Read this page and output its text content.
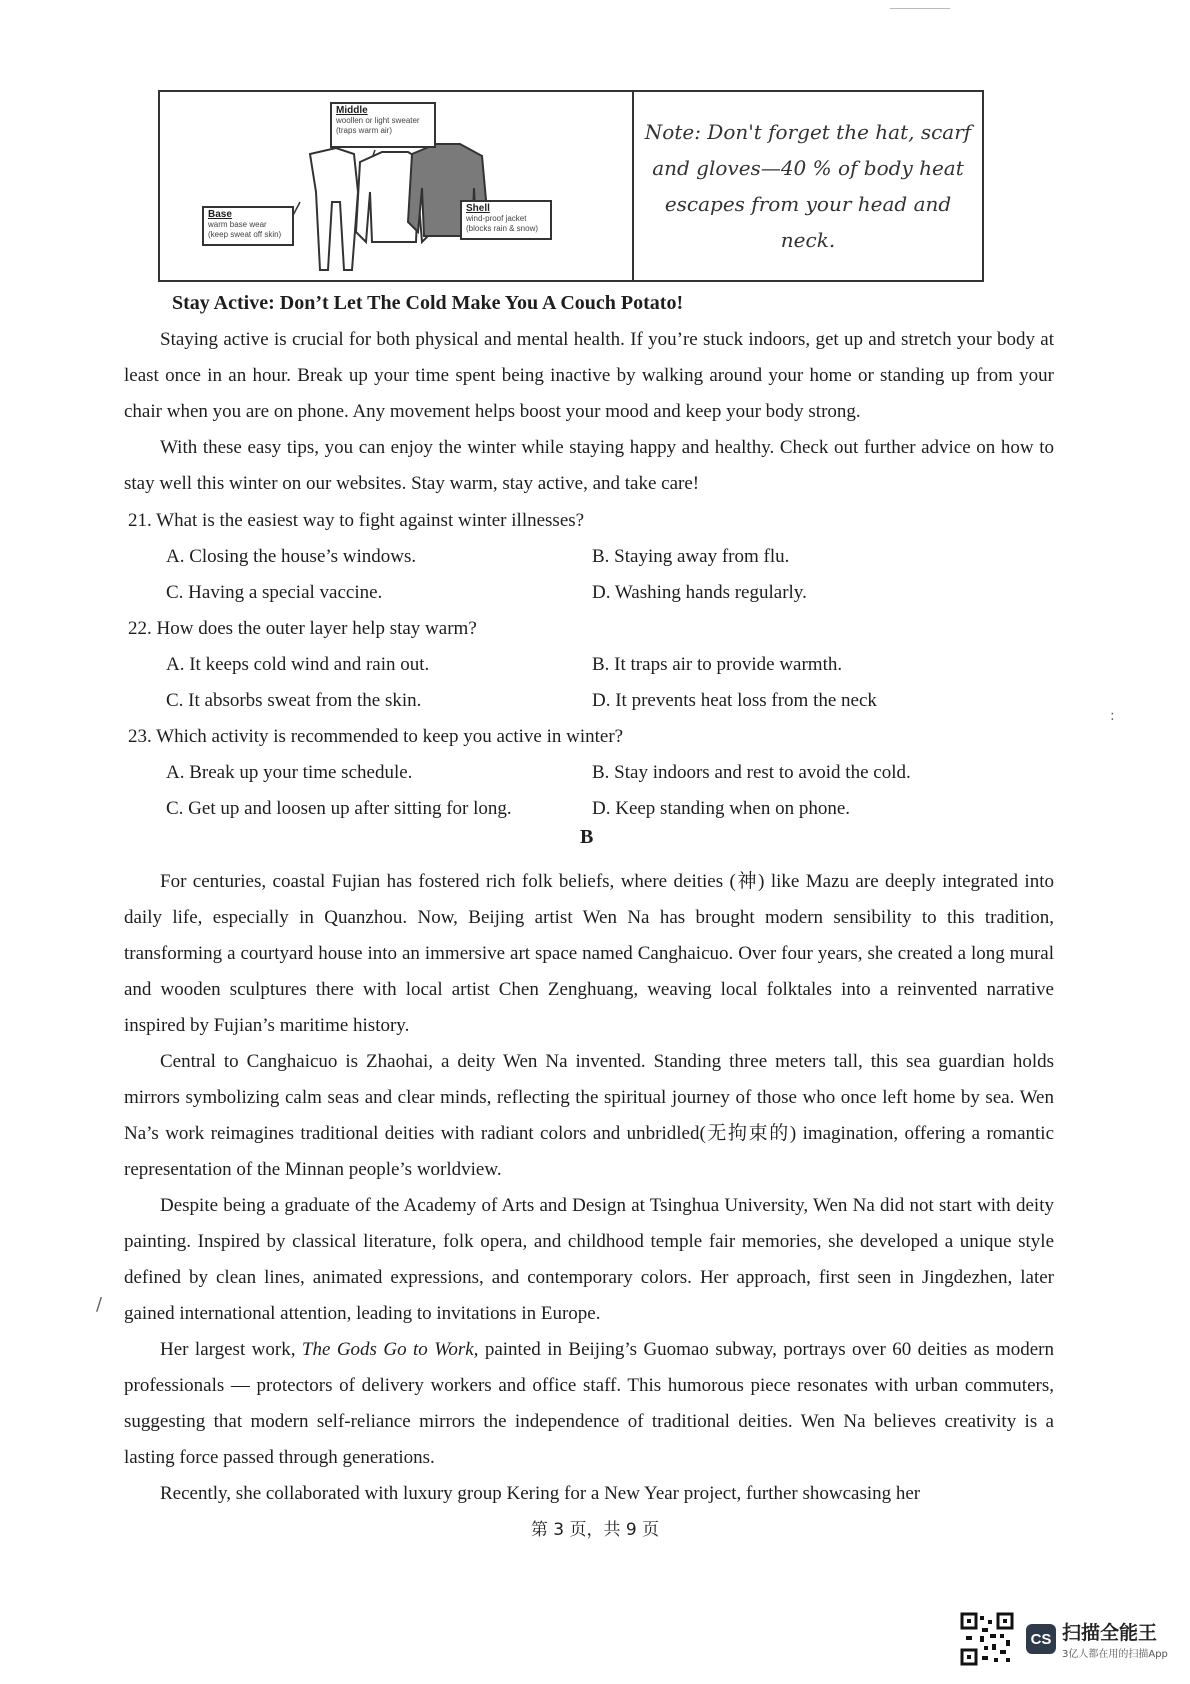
Middle
woollen or light sweater (traps warm air)
Base
warm base wear (keep sweat off skin)
Shell
wind-proof jacket (blocks rain & snow)
Note: Don't forget the hat, scarf and gloves—40 % of body heat escapes from your head and neck.
Stay Active: Don’t Let The Cold Make You A Couch Potato!

Staying active is crucial for both physical and mental health. If you’re stuck indoors, get up and stretch your body at least once in an hour. Break up your time spent being inactive by walking around your home or standing up from your chair when you are on phone. Any movement helps boost your mood and keep your body strong.

With these easy tips, you can enjoy the winter while staying happy and healthy. Check out further advice on how to stay well this winter on our websites. Stay warm, stay active, and take care!

21. What is the easiest way to fight against winter illnesses?
A. Closing the house’s windows.	B. Staying away from flu.
C. Having a special vaccine.	D. Washing hands regularly.
22. How does the outer layer help stay warm?
A. It keeps cold wind and rain out.	B. It traps air to provide warmth.
C. It absorbs sweat from the skin.	D. It prevents heat loss from the neck
23. Which activity is recommended to keep you active in winter?
A. Break up your time schedule.	B. Stay indoors and rest to avoid the cold.
C. Get up and loosen up after sitting for long.	D. Keep standing when on phone.
B

For centuries, coastal Fujian has fostered rich folk beliefs, where deities (神) like Mazu are deeply integrated into daily life, especially in Quanzhou. Now, Beijing artist Wen Na has brought modern sensibility to this tradition, transforming a courtyard house into an immersive art space named Canghaicuo. Over four years, she created a long mural and wooden sculptures there with local artist Chen Zenghuang, weaving local folktales into a reinvented narrative inspired by Fujian’s maritime history.

Central to Canghaicuo is Zhaohai, a deity Wen Na invented. Standing three meters tall, this sea guardian holds mirrors symbolizing calm seas and clear minds, reflecting the spiritual journey of those who once left home by sea. Wen Na’s work reimagines traditional deities with radiant colors and unbridled(无拘束的) imagination, offering a romantic representation of the Minnan people’s worldview.

Despite being a graduate of the Academy of Arts and Design at Tsinghua University, Wen Na did not start with deity painting. Inspired by classical literature, folk opera, and childhood temple fair memories, she developed a unique style defined by clean lines, animated expressions, and contemporary colors. Her approach, first seen in Jingdezhen, later gained international attention, leading to invitations in Europe.

Her largest work, The Gods Go to Work, painted in Beijing’s Guomao subway, portrays over 60 deities as modern professionals — protectors of delivery workers and office staff. This humorous piece resonates with urban commuters, suggesting that modern self-reliance mirrors the independence of traditional deities. Wen Na believes creativity is a lasting force passed through generations.

Recently, she collaborated with luxury group Kering for a New Year project, further showcasing her

第 3 页，共 9 页
:
/
CS 扫描全能王
3亿人都在用的扫描App
